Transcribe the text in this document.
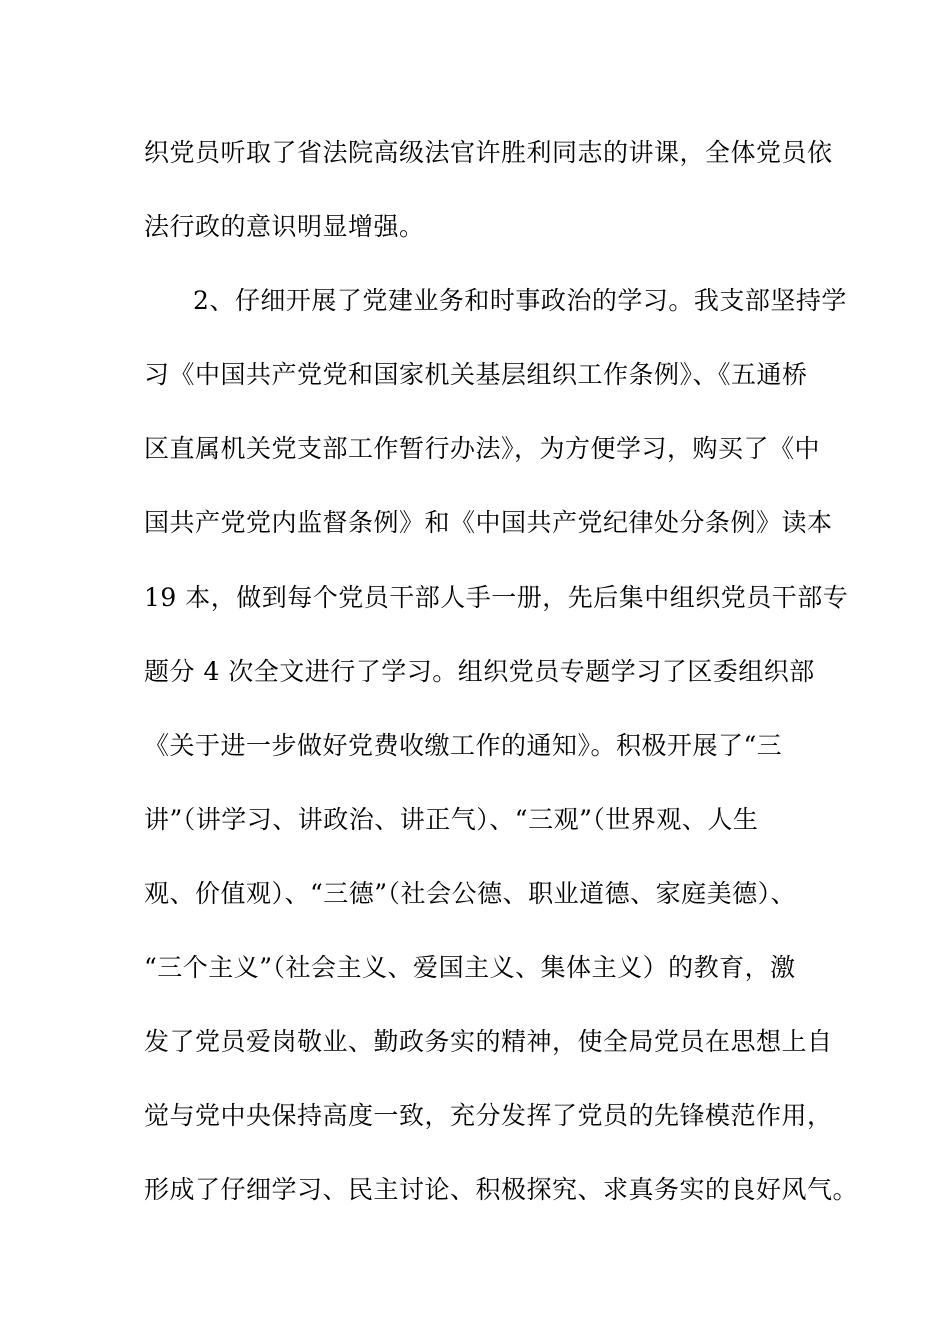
织党员听取了省法院高级法官许胜利同志的讲课，全体党员依
法行政的意识明显增强。
2、仔细开展了党建业务和时事政治的学习。我支部坚持学
习《中国共产党党和国家机关基层组织工作条例》、《五通桥
区直属机关党支部工作暂行办法》，为方便学习，购买了《中
国共产党党内监督条例》和《中国共产党纪律处分条例》读本
19 本，做到每个党员干部人手一册，先后集中组织党员干部专
题分 4 次全文进行了学习。组织党员专题学习了区委组织部
《关于进一步做好党费收缴工作的通知》。积极开展了“三
讲”（讲学习、讲政治、讲正气）、“三观”（世界观、人生
观、价值观）、“三德”（社会公德、职业道德、家庭美德）、
“三个主义”（社会主义、爱国主义、集体主义）的教育，激
发了党员爱岗敬业、勤政务实的精神，使全局党员在思想上自
觉与党中央保持高度一致，充分发挥了党员的先锋模范作用，
形成了仔细学习、民主讨论、积极探究、求真务实的良好风气。
